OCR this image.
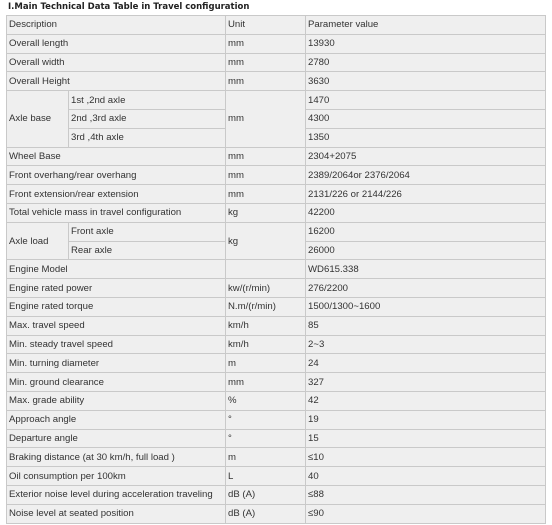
I.Main Technical Data Table in Travel configuration
Description		Unit	Parameter value
Overall length		mm	13930
Overall width		mm	2780
Overall Height		mm	3630
Axle base	1st ,2nd axle	mm	1470
	2nd ,3rd axle		4300
	3rd ,4th axle		1350
Wheel Base		mm	2304+2075
Front overhang/rear overhang		mm	2389/2064or 2376/2064
Front extension/rear extension		mm	2131/226 or 2144/226
Total vehicle mass in travel configuration		kg	42200
Axle load	Front axle	kg	16200
	Rear axle		26000
Engine Model			WD615.338
Engine rated power		kw/(r/min)	276/2200
Engine rated torque		N.m/(r/min)	1500/1300~1600
Max. travel speed		km/h	85
Min. steady travel speed		km/h	2~3
Min. turning diameter		m	24
Min. ground clearance		mm	327
Max. grade ability		%	42
Approach angle		°	19
Departure angle		°	15
Braking distance (at 30 km/h, full load )		m	≤10
Oil consumption per 100km		L	40
Exterior noise level during acceleration traveling		dB (A)	≤88
Noise level at seated position		dB (A)	≤90
